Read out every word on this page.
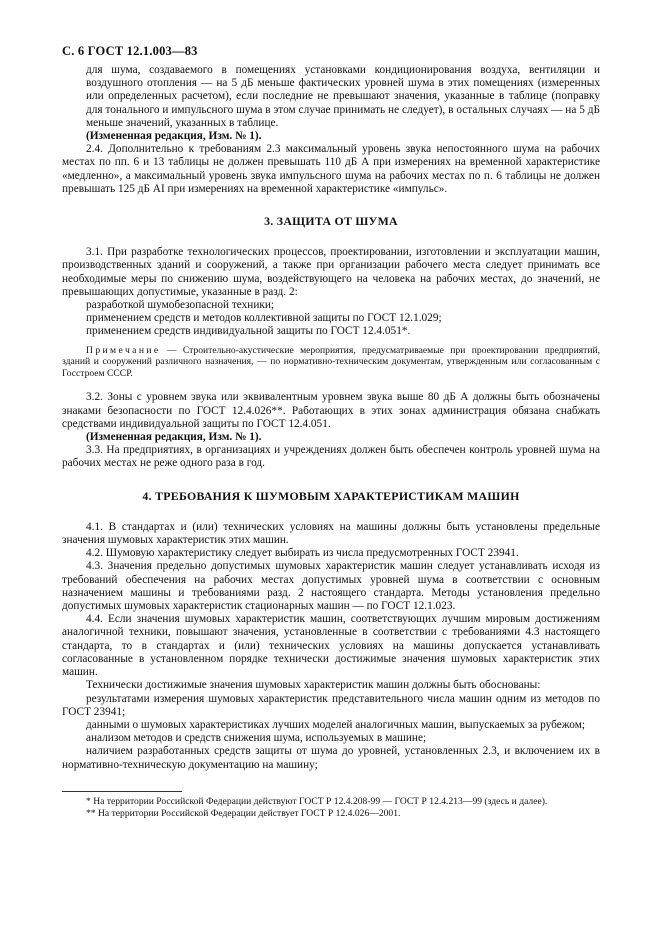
С. 6 ГОСТ 12.1.003—83

для шума, создаваемого в помещениях установками кондиционирования воздуха, вентиляции и воздушного отопления — на 5 дБ меньше фактических уровней шума в этих помещениях (измеренных или определенных расчетом), если последние не превышают значения, указанные в таблице (поправку для тонального и импульсного шума в этом случае принимать не следует), в остальных случаях — на 5 дБ меньше значений, указанных в таблице.

(Измененная редакция, Изм. № 1).

2.4. Дополнительно к требованиям 2.3 максимальный уровень звука непостоянного шума на рабочих местах по пп. 6 и 13 таблицы не должен превышать 110 дБ А при измерениях на временной характеристике «медленно», а максимальный уровень звука импульсного шума на рабочих местах по п. 6 таблицы не должен превышать 125 дБ AI при измерениях на временной характеристике «импульс».

3. ЗАЩИТА ОТ ШУМА

3.1. При разработке технологических процессов, проектировании, изготовлении и эксплуатации машин, производственных зданий и сооружений, а также при организации рабочего места следует принимать все необходимые меры по снижению шума, воздействующего на человека на рабочих местах, до значений, не превышающих допустимые, указанные в разд. 2:

разработкой шумобезопасной техники;

применением средств и методов коллективной защиты по ГОСТ 12.1.029;

применением средств индивидуальной защиты по ГОСТ 12.4.051*.

Примечание — Строительно-акустические мероприятия, предусматриваемые при проектировании предприятий, зданий и сооружений различного назначения, — по нормативно-техническим документам, утвержденным или согласованным с Госстроем СССР.

3.2. Зоны с уровнем звука или эквивалентным уровнем звука выше 80 дБ А должны быть обозначены знаками безопасности по ГОСТ 12.4.026**. Работающих в этих зонах администрация обязана снабжать средствами индивидуальной защиты по ГОСТ 12.4.051.

(Измененная редакция, Изм. № 1).

3.3. На предприятиях, в организациях и учреждениях должен быть обеспечен контроль уровней шума на рабочих местах не реже одного раза в год.

4. ТРЕБОВАНИЯ К ШУМОВЫМ ХАРАКТЕРИСТИКАМ МАШИН

4.1. В стандартах и (или) технических условиях на машины должны быть установлены предельные значения шумовых характеристик этих машин.

4.2. Шумовую характеристику следует выбирать из числа предусмотренных ГОСТ 23941.

4.3. Значения предельно допустимых шумовых характеристик машин следует устанавливать исходя из требований обеспечения на рабочих местах допустимых уровней шума в соответствии с основным назначением машины и требованиями разд. 2 настоящего стандарта. Методы установления предельно допустимых шумовых характеристик стационарных машин — по ГОСТ 12.1.023.

4.4. Если значения шумовых характеристик машин, соответствующих лучшим мировым достижениям аналогичной техники, повышают значения, установленные в соответствии с требованиями 4.3 настоящего стандарта, то в стандартах и (или) технических условиях на машины допускается устанавливать согласованные в установленном порядке технически достижимые значения шумовых характеристик этих машин.

Технически достижимые значения шумовых характеристик машин должны быть обоснованы:

результатами измерения шумовых характеристик представительного числа машин одним из методов по ГОСТ 23941;

данными о шумовых характеристиках лучших моделей аналогичных машин, выпускаемых за рубежом;

анализом методов и средств снижения шума, используемых в машине;

наличием разработанных средств защиты от шума до уровней, установленных 2.3, и включением их в нормативно-техническую документацию на машину;

* На территории Российской Федерации действуют ГОСТ Р 12.4.208-99 — ГОСТ Р 12.4.213—99 (здесь и далее).
** На территории Российской Федерации действует ГОСТ Р 12.4.026—2001.
